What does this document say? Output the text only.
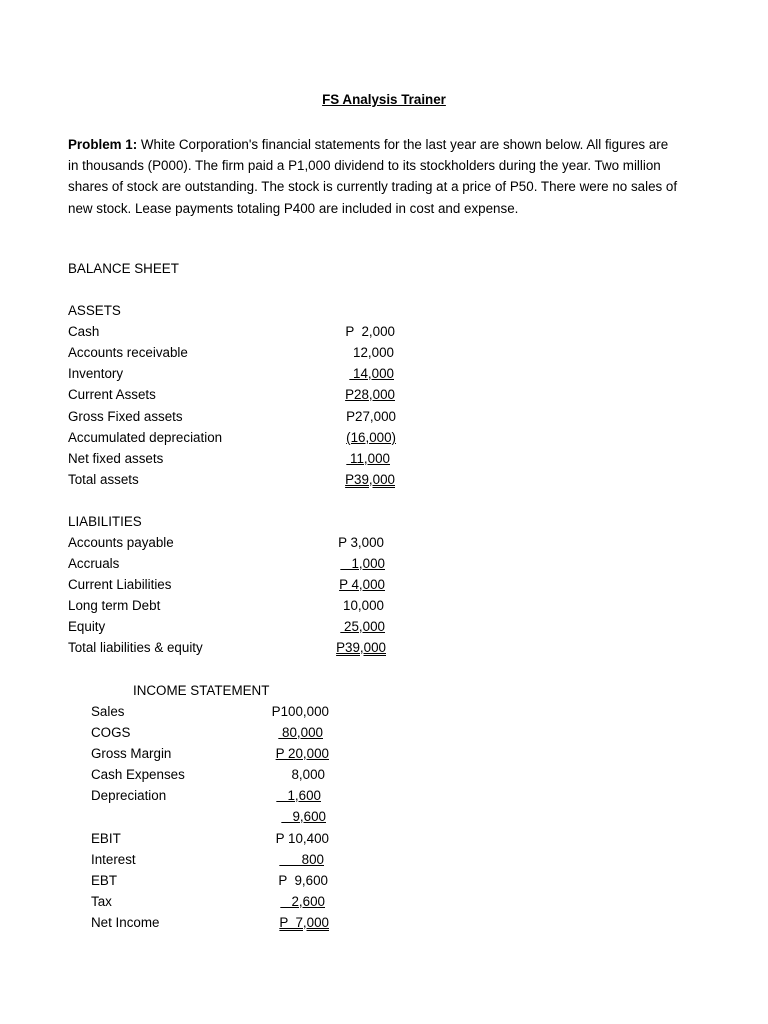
FS Analysis Trainer
Problem 1: White Corporation's financial statements for the last year are shown below. All figures are in thousands (P000). The firm paid a P1,000 dividend to its stockholders during the year. Two million shares of stock are outstanding. The stock is currently trading at a price of P50. There were no sales of new stock. Lease payments totaling P400 are included in cost and expense.
BALANCE SHEET
ASSETS
Cash	P  2,000
Accounts receivable	12,000
Inventory	14,000
Current Assets	P28,000
Gross Fixed assets	P27,000
Accumulated depreciation	(16,000)
Net fixed assets	11,000
Total assets	P39,000
LIABILITIES
Accounts payable	P 3,000
Accruals	1,000
Current Liabilities	P 4,000
Long term Debt	10,000
Equity	25,000
Total liabilities & equity	P39,000
INCOME STATEMENT
Sales	P100,000
COGS	80,000
Gross Margin	P 20,000
Cash Expenses	8,000
Depreciation	1,600
9,600
EBIT	P 10,400
Interest	800
EBT	P  9,600
Tax	2,600
Net Income	P  7,000
